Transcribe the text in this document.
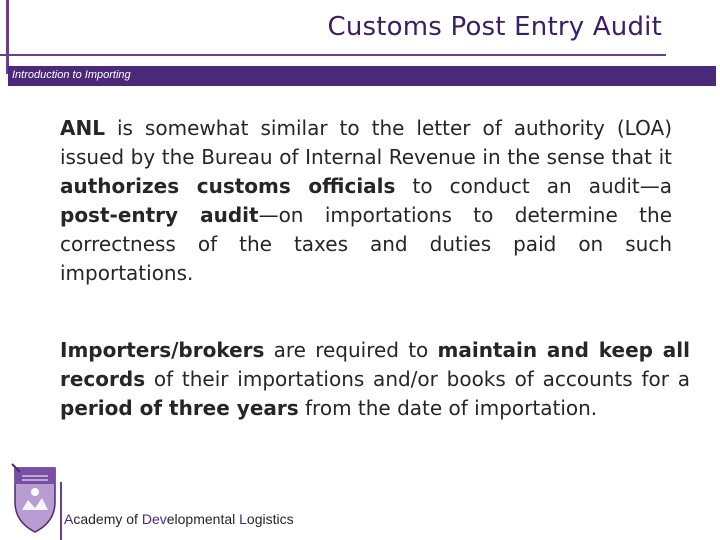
Customs Post Entry Audit
Introduction to Importing
ANL is somewhat similar to the letter of authority (LOA) issued by the Bureau of Internal Revenue in the sense that it authorizes customs officials to conduct an audit—a post-entry audit—on importations to determine the correctness of the taxes and duties paid on such importations.
Importers/brokers are required to maintain and keep all records of their importations and/or books of accounts for a period of three years from the date of importation.
Academy of Developmental Logistics
